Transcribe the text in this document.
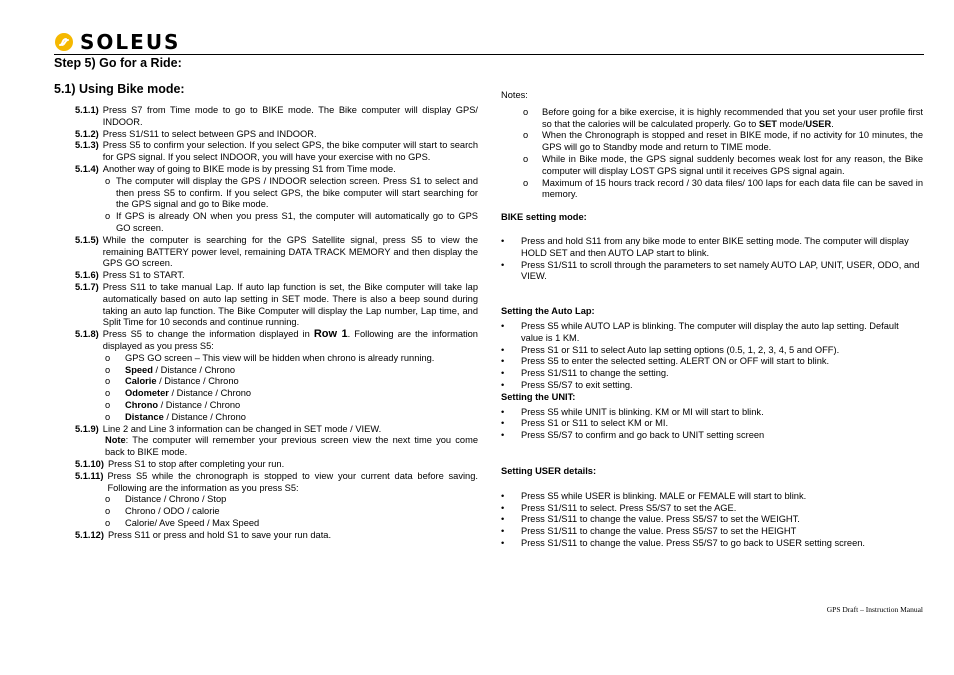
SOLEUS
Step 5) Go for a Ride:
5.1) Using Bike mode:
5.1.1) Press S7 from Time mode to go to BIKE mode. The Bike computer will display GPS/ INDOOR.
5.1.2) Press S1/S11 to select between GPS and INDOOR.
5.1.3) Press S5 to confirm your selection. If you select GPS, the bike computer will start to search for GPS signal. If you select INDOOR, you will have your exercise with no GPS.
5.1.4) Another way of going to BIKE mode is by pressing S1 from Time mode.
o The computer will display the GPS / INDOOR selection screen. Press S1 to select and then press S5 to confirm. If you select GPS, the bike computer will start searching for the GPS signal and go to Bike mode.
o If GPS is already ON when you press S1, the computer will automatically go to GPS GO screen.
5.1.5) While the computer is searching for the GPS Satellite signal, press S5 to view the remaining BATTERY power level, remaining DATA TRACK MEMORY and then display the GPS GO screen.
5.1.6) Press S1 to START.
5.1.7) Press S11 to take manual Lap. If auto lap function is set, the Bike computer will take lap automatically based on auto lap setting in SET mode. There is also a beep sound during taking an auto lap function. The Bike Computer will display the Lap number, Lap time, and Split Time for 10 seconds and continue running.
5.1.8) Press S5 to change the information displayed in Row 1. Following are the information displayed as you press S5:
o	GPS GO screen – This view will be hidden when chrono is already running.
o	Speed / Distance / Chrono
o	Calorie / Distance / Chrono
o	Odometer / Distance / Chrono
o	Chrono / Distance / Chrono
o	Distance / Distance / Chrono
5.1.9) Line 2 and Line 3 information can be changed in SET mode / VIEW.
Note: The computer will remember your previous screen view the next time you come back to BIKE mode.
5.1.10) Press S1 to stop after completing your run.
5.1.11) Press S5 while the chronograph is stopped to view your current data before saving. Following are the information as you press S5:
o	Distance / Chrono / Stop
o	Chrono / ODO / calorie
o	Calorie/ Ave Speed / Max Speed
5.1.12) Press S11 or press and hold S1 to save your run data.
Notes:
o	Before going for a bike exercise, it is highly recommended that you set your user profile first so that the calories will be calculated properly. Go to SET mode/USER.
o	When the Chronograph is stopped and reset in BIKE mode, if no activity for 10 minutes, the GPS will go to Standby mode and return to TIME mode.
o	While in Bike mode, the GPS signal suddenly becomes weak lost for any reason, the Bike computer will display LOST GPS signal until it receives GPS signal again.
o	Maximum of 15 hours track record / 30 data files/ 100 laps for each data file can be saved in memory.
BIKE setting mode:
•	Press and hold S11 from any bike mode to enter BIKE setting mode. The computer will display HOLD SET and then AUTO LAP start to blink.
•	Press S1/S11 to scroll through the parameters to set namely AUTO LAP, UNIT, USER, ODO, and VIEW.
Setting the Auto Lap:
•	Press S5 while AUTO LAP is blinking. The computer will display the auto lap setting. Default value is 1 KM.
•	Press S1 or S11 to select Auto lap setting options (0.5, 1, 2, 3, 4, 5 and OFF).
•	Press S5 to enter the selected setting. ALERT ON or OFF will start to blink.
•	Press S1/S11 to change the setting.
•	Press S5/S7 to exit setting.
Setting the UNIT:
•	Press S5 while UNIT is blinking. KM or MI will start to blink.
•	Press S1 or S11 to select KM or MI.
•	Press S5/S7 to confirm and go back to UNIT setting screen
Setting USER details:
•	Press S5 while USER is blinking. MALE or FEMALE will start to blink.
•	Press S1/S11 to select. Press S5/S7 to set the AGE.
•	Press S1/S11 to change the value. Press S5/S7 to set the WEIGHT.
•	Press S1/S11 to change the value. Press S5/S7 to set the HEIGHT
•	Press S1/S11 to change the value. Press S5/S7 to go back to USER setting screen.
GPS Draft – Instruction Manual
